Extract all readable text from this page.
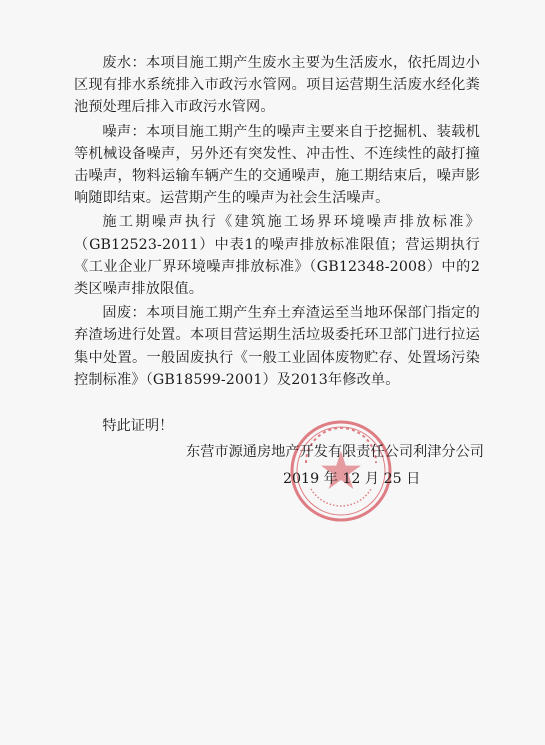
废水：本项目施工期产生废水主要为生活废水，依托周边小区现有排水系统排入市政污水管网。项目运营期生活废水经化粪池预处理后排入市政污水管网。

噪声：本项目施工期产生的噪声主要来自于挖掘机、装载机等机械设备噪声，另外还有突发性、冲击性、不连续性的敲打撞击噪声，物料运输车辆产生的交通噪声，施工期结束后，噪声影响随即结束。运营期产生的噪声为社会生活噪声。

施工期噪声执行《建筑施工场界环境噪声排放标准》（GB12523-2011）中表1的噪声排放标准限值；营运期执行《工业企业厂界环境噪声排放标准》（GB12348-2008）中的2类区噪声排放限值。

固废：本项目施工期产生弃土弃渣运至当地环保部门指定的弃渣场进行处置。本项目营运期生活垃圾委托环卫部门进行拉运集中处置。一般固废执行《一般工业固体废物贮存、处置场污染控制标准》（GB18599-2001）及2013年修改单。

特此证明！
东营市源通房地产开发有限责任公司利津分公司
2019 年 12 月 25 日
